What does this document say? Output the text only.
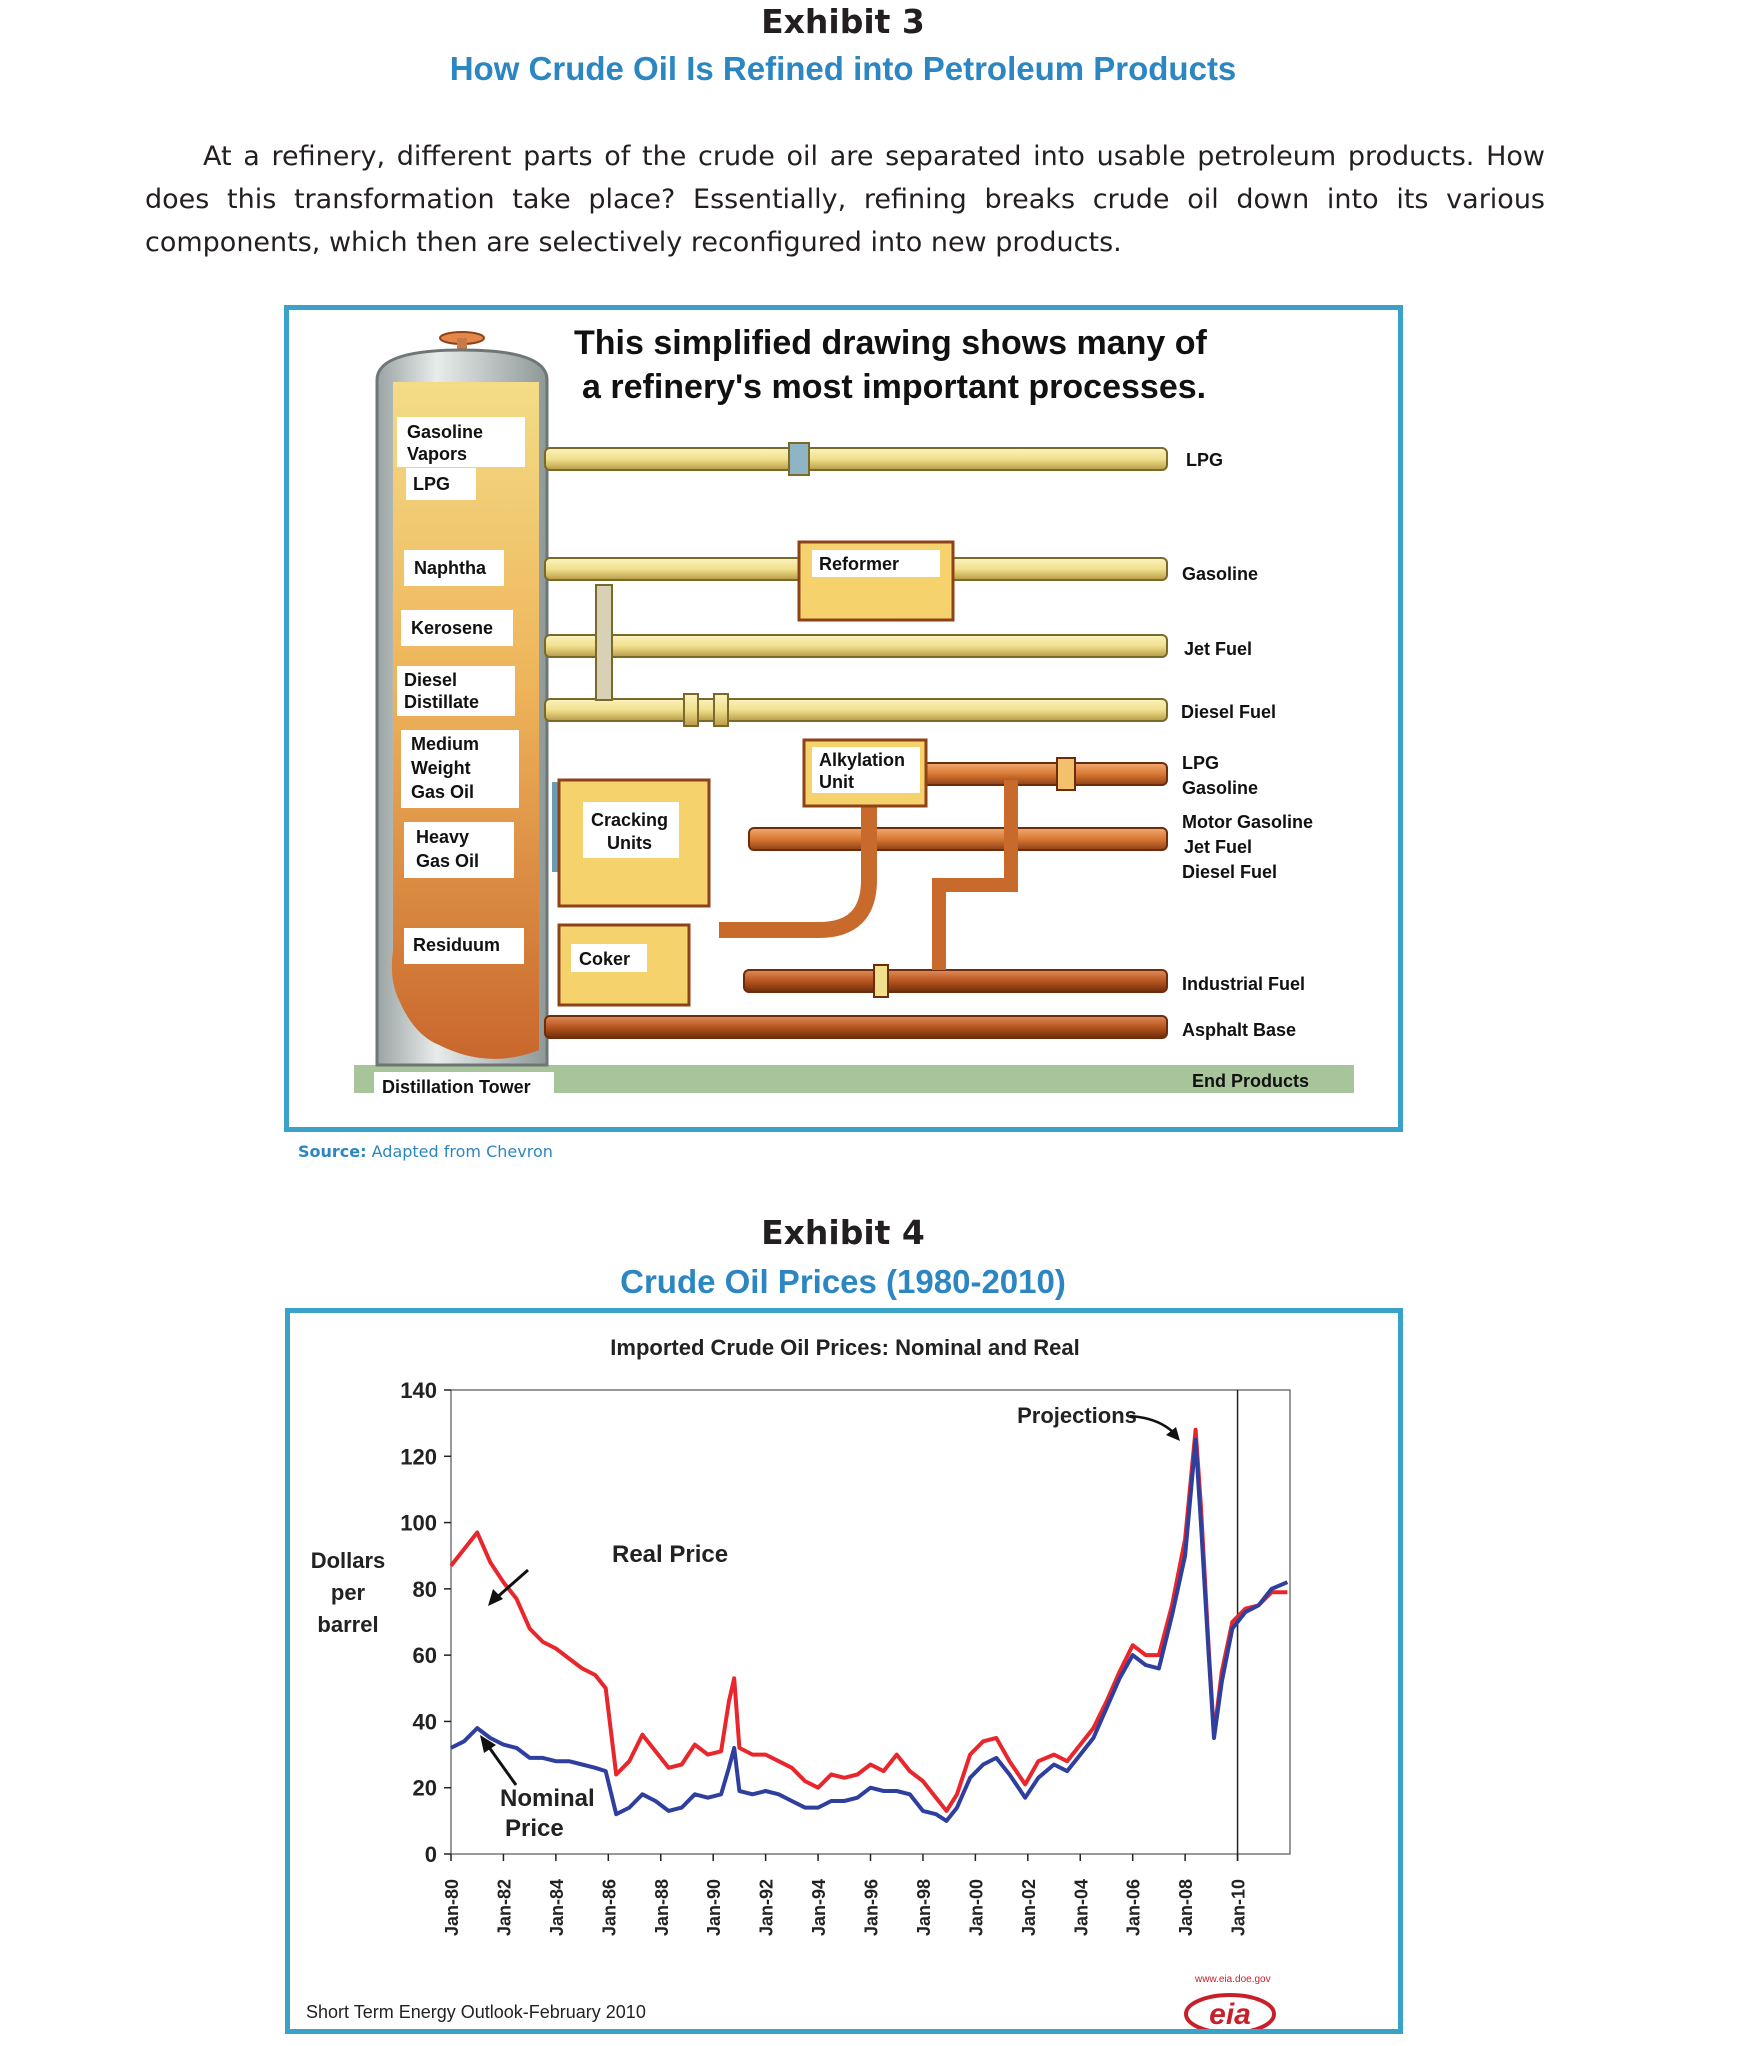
Exhibit 3
How Crude Oil Is Refined into Petroleum Products
At a refinery, different parts of the crude oil are separated into usable petroleum products. How does this transformation take place? Essentially, refining breaks crude oil down into its various components, which then are selectively reconfigured into new products.
Gasoline
Vapors
LPG
Naphtha
Kerosene
Diesel
Distillate
Medium
Weight
Gas Oil
Heavy
Gas Oil
Residuum
Reformer
Cracking
Units
Alkylation
Unit
Coker
This simplified drawing shows many of
a refinery's most important processes.
LPG
Gasoline
Jet Fuel
Diesel Fuel
LPG
Gasoline
Motor Gasoline
Jet Fuel
Diesel Fuel
Industrial Fuel
Asphalt Base
End Products
Distillation Tower
Source: Adapted from Chevron
Exhibit 4
Crude Oil Prices (1980-2010)
Imported Crude Oil Prices: Nominal and Real
Dollars
per
barrel
0
20
40
60
80
100
120
140
Jan-80 Jan-82 Jan-84 Jan-86 Jan-88 Jan-90 Jan-92 Jan-94 Jan-96 Jan-98 Jan-00 Jan-02 Jan-04 Jan-06 Jan-08 Jan-10
Projections
Real Price
Nominal
Price
Short Term Energy Outlook-February 2010
www.eia.doe.gov
eia
